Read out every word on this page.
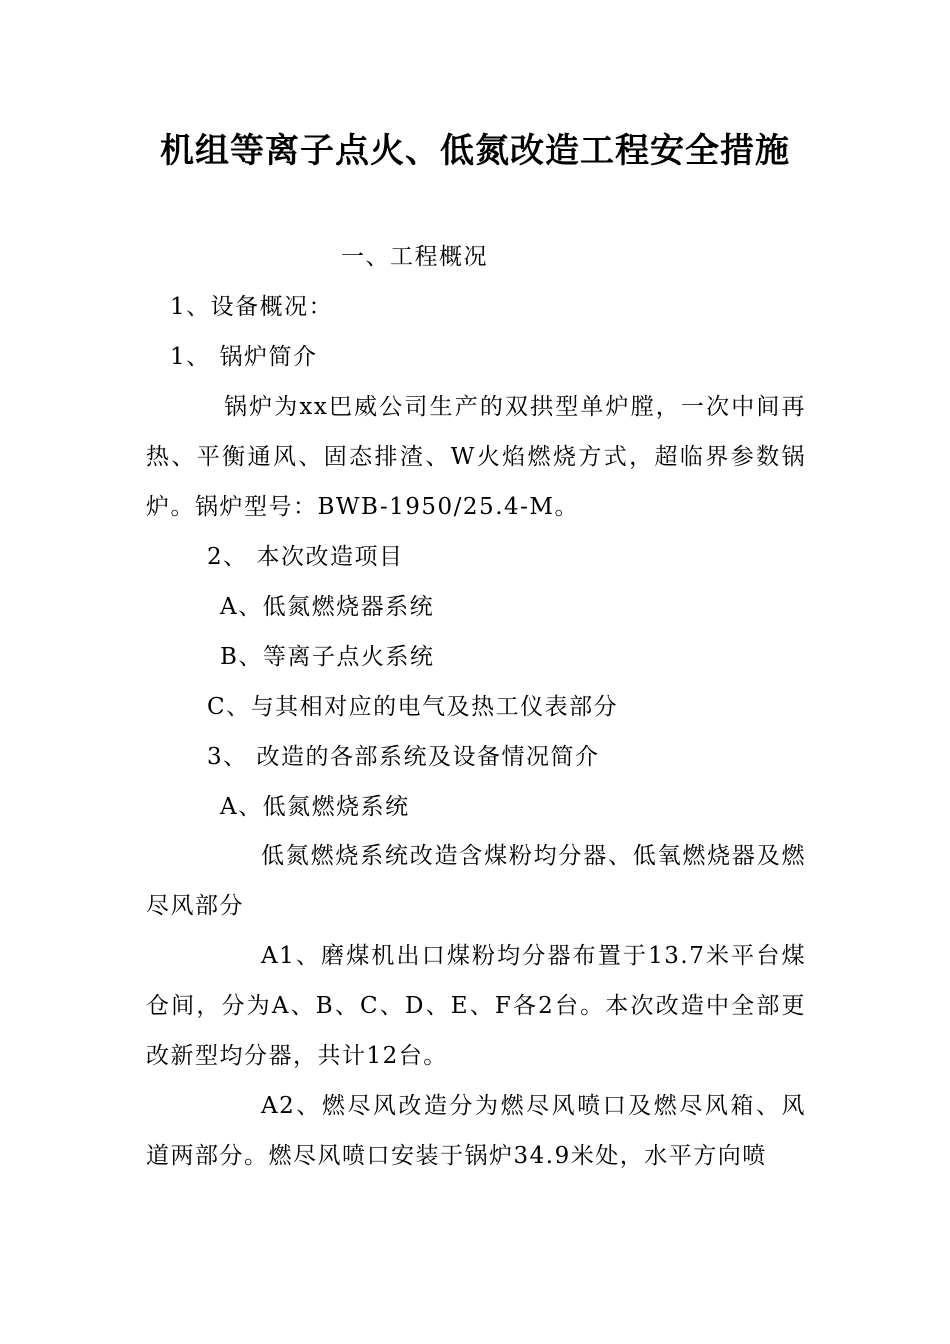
机组等离子点火、低氮改造工程安全措施
一、工程概况
1、设备概况：
1、 锅炉简介

锅炉为xx巴威公司生产的双拱型单炉膛，一次中间再热、平衡通风、固态排渣、W火焰燃烧方式，超临界参数锅炉。锅炉型号：BWB-1950/25.4-M。

2、 本次改造项目
A、低氮燃烧器系统
B、等离子点火系统
C、与其相对应的电气及热工仪表部分
3、 改造的各部系统及设备情况简介
A、低氮燃烧系统

低氮燃烧系统改造含煤粉均分器、低氧燃烧器及燃尽风部分

A1、磨煤机出口煤粉均分器布置于13.7米平台煤仓间，分为A、B、C、D、E、F各2台。本次改造中全部更改新型均分器，共计12台。

A2、燃尽风改造分为燃尽风喷口及燃尽风箱、风道两部分。燃尽风喷口安装于锅炉34.9米处，水平方向喷
